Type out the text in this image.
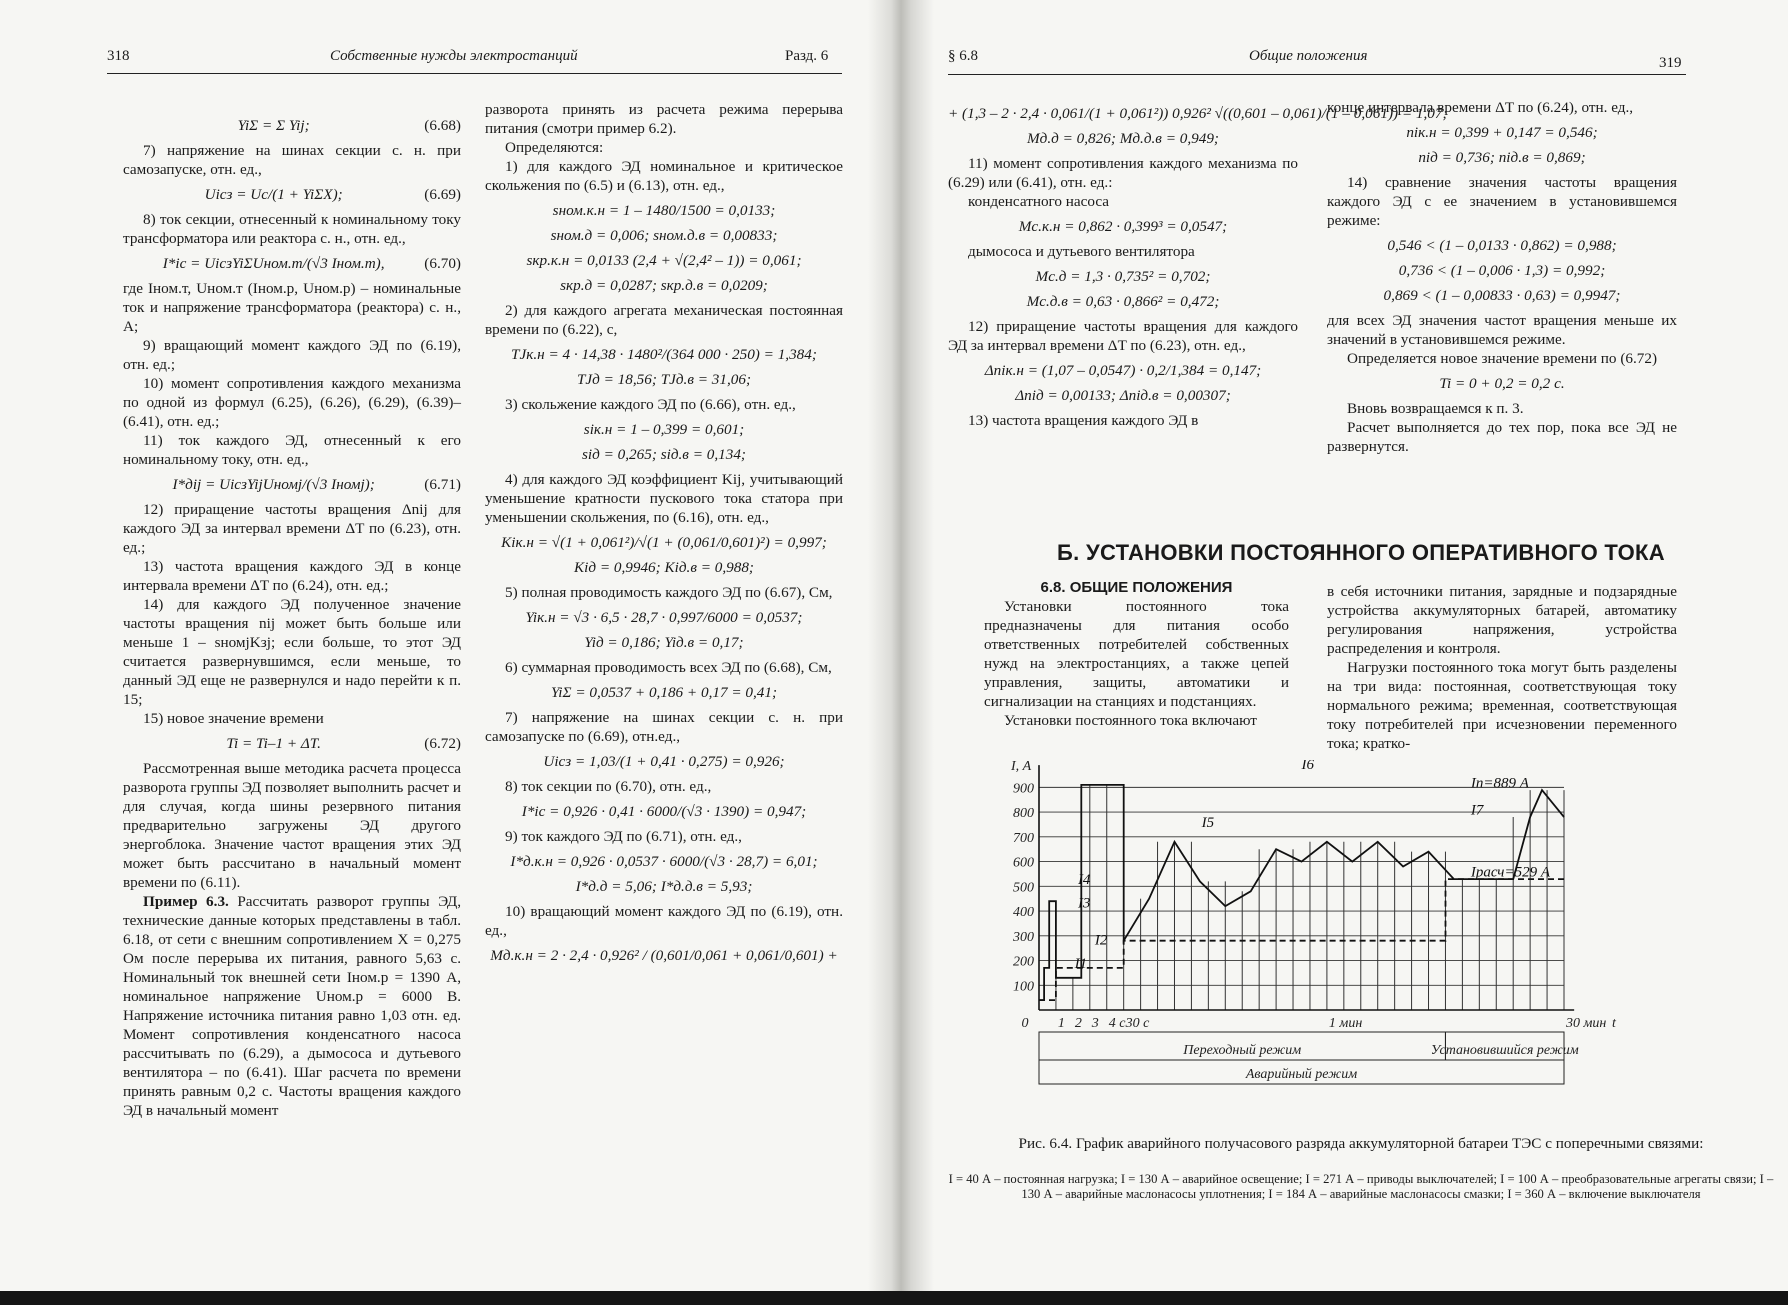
318	Собственные нужды электростанций	Разд. 6

YiΣ = Σ Yij;	(6.68)

7) напряжение на шинах секции с. н. при самозапуске, отн. ед.,

Uicз = Uc/(1 + YiΣX);	(6.69)

8) ток секции, отнесенный к номинальному току трансформатора или реактора с. н., отн. ед.,

I*ic = UicзYiΣUном.т/(√3 Iном.т),	(6.70)

где Iном.т, Uном.т (Iном.р, Uном.р) – номинальные ток и напряжение трансформатора (реактора) с. н., А;

9) вращающий момент каждого ЭД по (6.19), отн. ед.;

10) момент сопротивления каждого механизма по одной из формул (6.25), (6.26), (6.29), (6.39)–(6.41), отн. ед.;

11) ток каждого ЭД, отнесенный к его номинальному току, отн. ед.,

I*дij = UicзYijUномj/(√3 Iномj);	(6.71)

12) приращение частоты вращения Δnij для каждого ЭД за интервал времени ΔT по (6.23), отн. ед.;

13) частота вращения каждого ЭД в конце интервала времени ΔT по (6.24), отн. ед.;

14) для каждого ЭД полученное значение частоты вращения nij может быть больше или меньше 1 – sномjKзj; если больше, то этот ЭД считается развернувшимся, если меньше, то данный ЭД еще не развернулся и надо перейти к п. 15;

15) новое значение времени

Ti = Ti–1 + ΔT.	(6.72)

Рассмотренная выше методика расчета процесса разворота группы ЭД позволяет выполнить расчет и для случая, когда шины резервного питания предварительно загружены ЭД другого энергоблока. Значение частот вращения этих ЭД может быть рассчитано в начальный момент времени по (6.11).

Пример 6.3. Рассчитать разворот группы ЭД, технические данные которых представлены в табл. 6.18, от сети с внешним сопротивлением X = 0,275 Ом после перерыва их питания, равного 5,63 с. Номинальный ток внешней сети Iном.р = 1390 А, номинальное напряжение Uном.р = 6000 В. Напряжение источника питания равно 1,03 отн. ед. Момент сопротивления конденсатного насоса рассчитывать по (6.29), а дымососа и дутьевого вентилятора – по (6.41). Шаг расчета по времени принять равным 0,2 с. Частоты вращения каждого ЭД в начальный момент

разворота принять из расчета режима перерыва питания (смотри пример 6.2).

Определяются:

1) для каждого ЭД номинальное и критическое скольжения по (6.5) и (6.13), отн. ед.,

sном.к.н = 1 – 1480/1500 = 0,0133;

sном.д = 0,006; sном.д.в = 0,00833;

sкр.к.н = 0,0133 (2,4 + √(2,4² – 1)) = 0,061;

sкр.д = 0,0287; sкр.д.в = 0,0209;

2) для каждого агрегата механическая постоянная времени по (6.22), с,

TJк.н = 4 · 14,38 · 1480²/(364 000 · 250) = 1,384;

TJд = 18,56; TJд.в = 31,06;

3) скольжение каждого ЭД по (6.66), отн. ед.,

siк.н = 1 – 0,399 = 0,601;

siд = 0,265; siд.в = 0,134;

4) для каждого ЭД коэффициент Kij, учитывающий уменьшение кратности пускового тока статора при уменьшении скольжения, по (6.16), отн. ед.,

Kiк.н = √(1 + 0,061²)/√(1 + (0,061/0,601)²) = 0,997;

Kiд = 0,9946; Kiд.в = 0,988;

5) полная проводимость каждого ЭД по (6.67), См,

Yiк.н = √3 · 6,5 · 28,7 · 0,997/6000 = 0,0537;

Yiд = 0,186; Yiд.в = 0,17;

6) суммарная проводимость всех ЭД по (6.68), См,

YiΣ = 0,0537 + 0,186 + 0,17 = 0,41;

7) напряжение на шинах секции с. н. при самозапуске по (6.69), отн.ед.,

Uicз = 1,03/(1 + 0,41 · 0,275) = 0,926;

8) ток секции по (6.70), отн. ед.,

I*ic = 0,926 · 0,41 · 6000/(√3 · 1390) = 0,947;

9) ток каждого ЭД по (6.71), отн. ед.,

I*д.к.н = 0,926 · 0,0537 · 6000/(√3 · 28,7) = 6,01;

I*д.д = 5,06; I*д.д.в = 5,93;

10) вращающий момент каждого ЭД по (6.19), отн. ед.,

Mд.к.н = 2 · 2,4 · 0,926² / (0,601/0,061 + 0,061/0,601) +

§ 6.8	Общие положения	319

+ (1,3 – 2 · 2,4 · 0,061/(1 + 0,061²)) 0,926² √((0,601 – 0,061)/(1 – 0,061)) = 1,07;

Mд.д = 0,826; Mд.д.в = 0,949;

11) момент сопротивления каждого механизма по (6.29) или (6.41), отн. ед.:

конденсатного насоса

Mс.к.н = 0,862 · 0,399³ = 0,0547;

дымососа и дутьевого вентилятора

Mс.д = 1,3 · 0,735² = 0,702;

Mс.д.в = 0,63 · 0,866² = 0,472;

12) приращение частоты вращения для каждого ЭД за интервал времени ΔT по (6.23), отн. ед.,

Δniк.н = (1,07 – 0,0547) · 0,2/1,384 = 0,147;

Δniд = 0,00133; Δniд.в = 0,00307;

13) частота вращения каждого ЭД в

конце интервала времени ΔT по (6.24), отн. ед.,

niк.н = 0,399 + 0,147 = 0,546;

niд = 0,736; niд.в = 0,869;

14) сравнение значения частоты вращения каждого ЭД с ее значением в установившемся режиме:

0,546 < (1 – 0,0133 · 0,862) = 0,988;

0,736 < (1 – 0,006 · 1,3) = 0,992;

0,869 < (1 – 0,00833 · 0,63) = 0,9947;

для всех ЭД значения частот вращения меньше их значений в установившемся режиме.

Определяется новое значение времени по (6.72)

Ti = 0 + 0,2 = 0,2 c.

Вновь возвращаемся к п. 3.

Расчет выполняется до тех пор, пока все ЭД не развернутся.

Б. УСТАНОВКИ ПОСТОЯННОГО ОПЕРАТИВНОГО ТОКА

6.8. ОБЩИЕ ПОЛОЖЕНИЯ

Установки постоянного тока предназначены для питания особо ответственных потребителей собственных нужд на электростанциях, а также цепей управления, защиты, автоматики и сигнализации на станциях и подстанциях.

Установки постоянного тока включают

в себя источники питания, зарядные и подзарядные устройства аккумуляторных батарей, автоматику регулирования напряжения, устройства распределения и контроля.

Нагрузки постоянного тока могут быть разделены на три вида: постоянная, соответствующая току нормального режима; временная, соответствующая току потребителей при исчезновении переменного тока; кратко-

100
200
300
400
500
600
700
800
900
I, А
0 1 2 3 4 с 30 с	1 мин	30 мин t
Переходный режим	Установившийся режим
Аварийный режим
I1
I2
I3
I4
I5
I6
Iп=889 А
I7
Iрасч=529 А
Рис. 6.4. График аварийного получасового разряда аккумуляторной батареи ТЭС с поперечными связями:
I = 40 А – постоянная нагрузка; I = 130 А – аварийное освещение; I = 271 А – приводы выключателей; I = 100 А – преобразовательные агрегаты связи; I – 130 А – аварийные маслонасосы уплотнения; I = 184 А – аварийные маслонасосы смазки; I = 360 А – включение выключателя
